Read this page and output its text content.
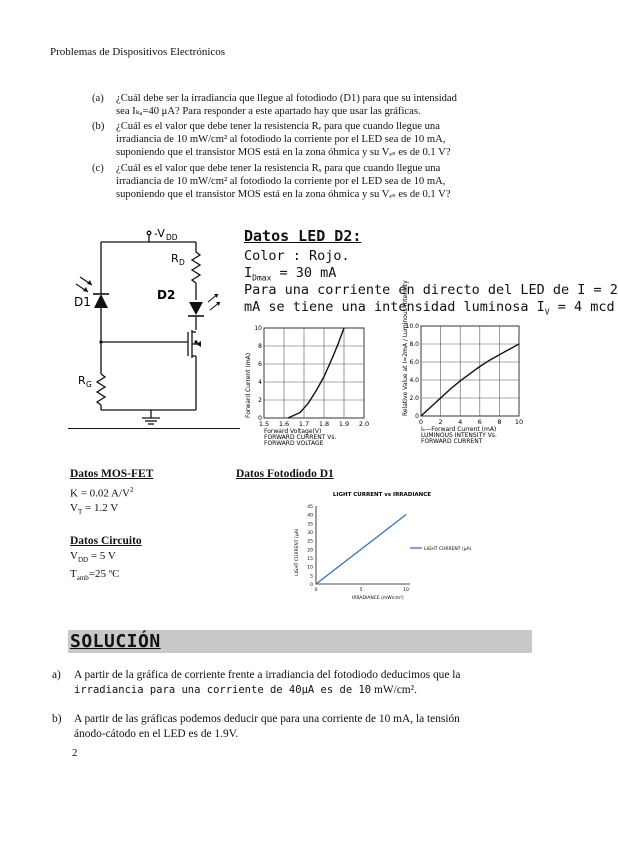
Problemas de Dispositivos Electrónicos
(a) ¿Cuál debe ser la irradiancia que llegue al fotodiodo (D1) para que su intensidad
sea Iₖₐ=40 μA? Para responder a este apartado hay que usar las gráficas.
(b) ¿Cuál es el valor que debe tener la resistencia Rₑ para que cuando llegue una
irradiancia de 10 mW/cm² al fotodiodo la corriente por el LED sea de 10 mA,
suponiendo que el transistor MOS está en la zona óhmica y su Vₑₛ es de 0.1 V?
(c) ¿Cuál es el valor que debe tener la resistencia Rₓ para que cuando llegue una
irradiancia de 10 mW/cm² al fotodiodo la corriente por el LED sea de 10 mA,
suponiendo que el transistor MOS está en la zona óhmica y su Vₑₛ es de 0.1 V?
-V DD
R D
D1	D2
R G
Datos LED D2:
Color : Rojo.
$I_{Dmax} = 30$ mA
Para una corriente en directo del LED de I = 2
mA se tiene una intensidad luminosa $I_V = 4$ mcd
1.5 1.6 1.7 1.8 1.9 2.0
0
2
4
6
8
10
Forward Voltage(V)
FORWARD CURRENT Vs.
FORWARD VOLTAGE
Forward Current (mA)
0 2 4 6 8 10
0
2.0
4.0
6.0
8.0
10.0
Iₕ—Forward Current (mA)
LUMINOUS INTENSITY Vs.
FORWARD CURRENT
Relative Value at I=2mA / Luminous Intensity
Datos MOS-FET
K = 0.02 $A/V^2$
$V_T = 1.2$ V
Datos Fotodiodo D1
LIGHT CURRENT vs IRRADIANCE
0
5
10
15
20
25
30
35
40
45
0	5	10
IRRADIANCE (mW/cm²)
LIGHT CURRENT (μA)	LIGHT CURRENT (μA)
Datos Circuito
$V_{DD} = 5$ V
$T_{amb}=25$ ºC
SOLUCIÓN
a) A partir de la gráfica de corriente frente a irradiancia del fotodiodo deducimos que la
irradiancia para una corriente de 40μA es de 10 mW/cm².
b) A partir de las gráficas podemos deducir que para una corriente de 10 mA, la tensión
ánodo-cátodo en el LED es de 1.9V.
2
